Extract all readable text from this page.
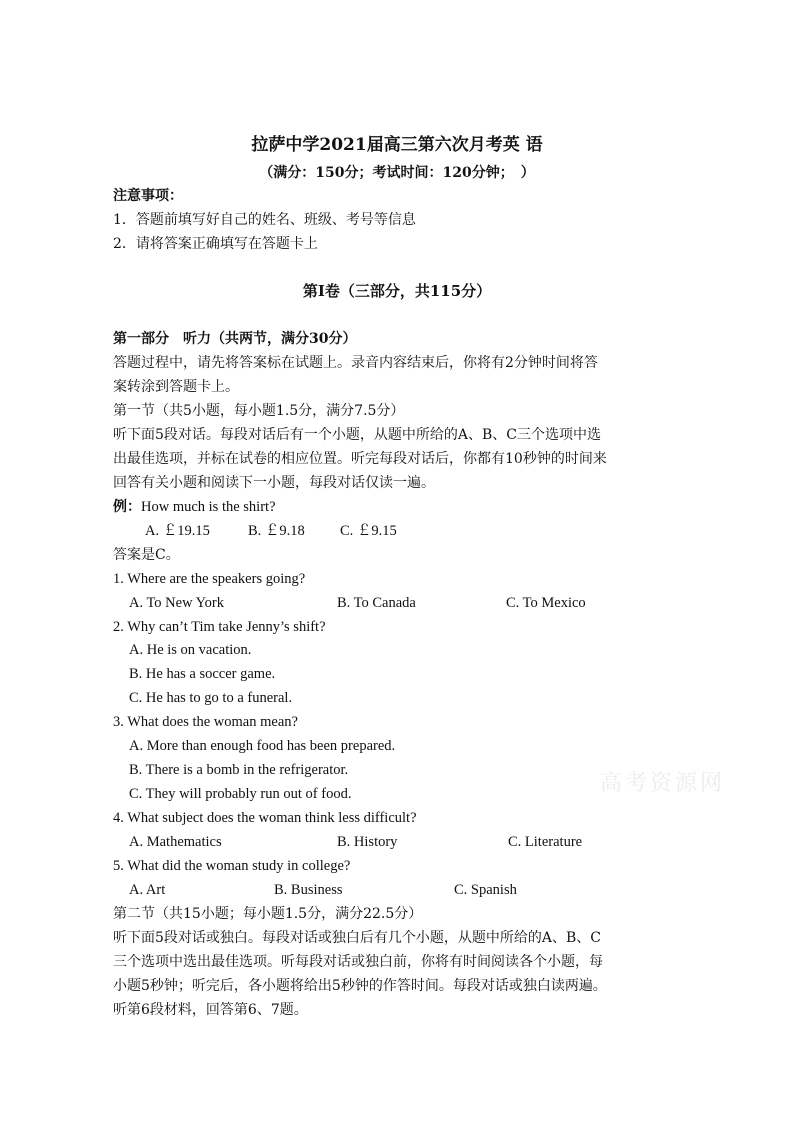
拉萨中学2021届高三第六次月考英 语
（满分：150分；考试时间：120分钟；　）
注意事项：
1．答题前填写好自己的姓名、班级、考号等信息
2．请将答案正确填写在答题卡上
第I卷（三部分，共115分）
第一部分　听力（共两节，满分30分）
答题过程中，请先将答案标在试题上。录音内容结束后，你将有2分钟时间将答
案转涂到答题卡上。
第一节（共5小题，每小题1.5分，满分7.5分）
听下面5段对话。每段对话后有一个小题，从题中所给的A、B、C三个选项中选
出最佳选项，并标在试卷的相应位置。听完每段对话后，你都有10秒钟的时间来
回答有关小题和阅读下一小题，每段对话仅读一遍。
例：How much is the shirt?
A. ￡19.15	B. ￡9.18 C. ￡9.15
答案是C。
1. Where are the speakers going?
A. To New York	B. To Canada	C. To Mexico
2. Why can’t Tim take Jenny’s shift?
A. He is on vacation.
B. He has a soccer game.
C. He has to go to a funeral.
3. What does the woman mean?
A. More than enough food has been prepared.
B. There is a bomb in the refrigerator.
C. They will probably run out of food.
4. What subject does the woman think less difficult?
A. Mathematics	B. History	C. Literature
5. What did the woman study in college?
A. Art	B. Business	C. Spanish
第二节（共15小题；每小题1.5分，满分22.5分）
听下面5段对话或独白。每段对话或独白后有几个小题，从题中所给的A、B、C
三个选项中选出最佳选项。听每段对话或独白前，你将有时间阅读各个小题，每
小题5秒钟；听完后，各小题将给出5秒钟的作答时间。每段对话或独白读两遍。
听第6段材料，回答第6、7题。
高考资源网
